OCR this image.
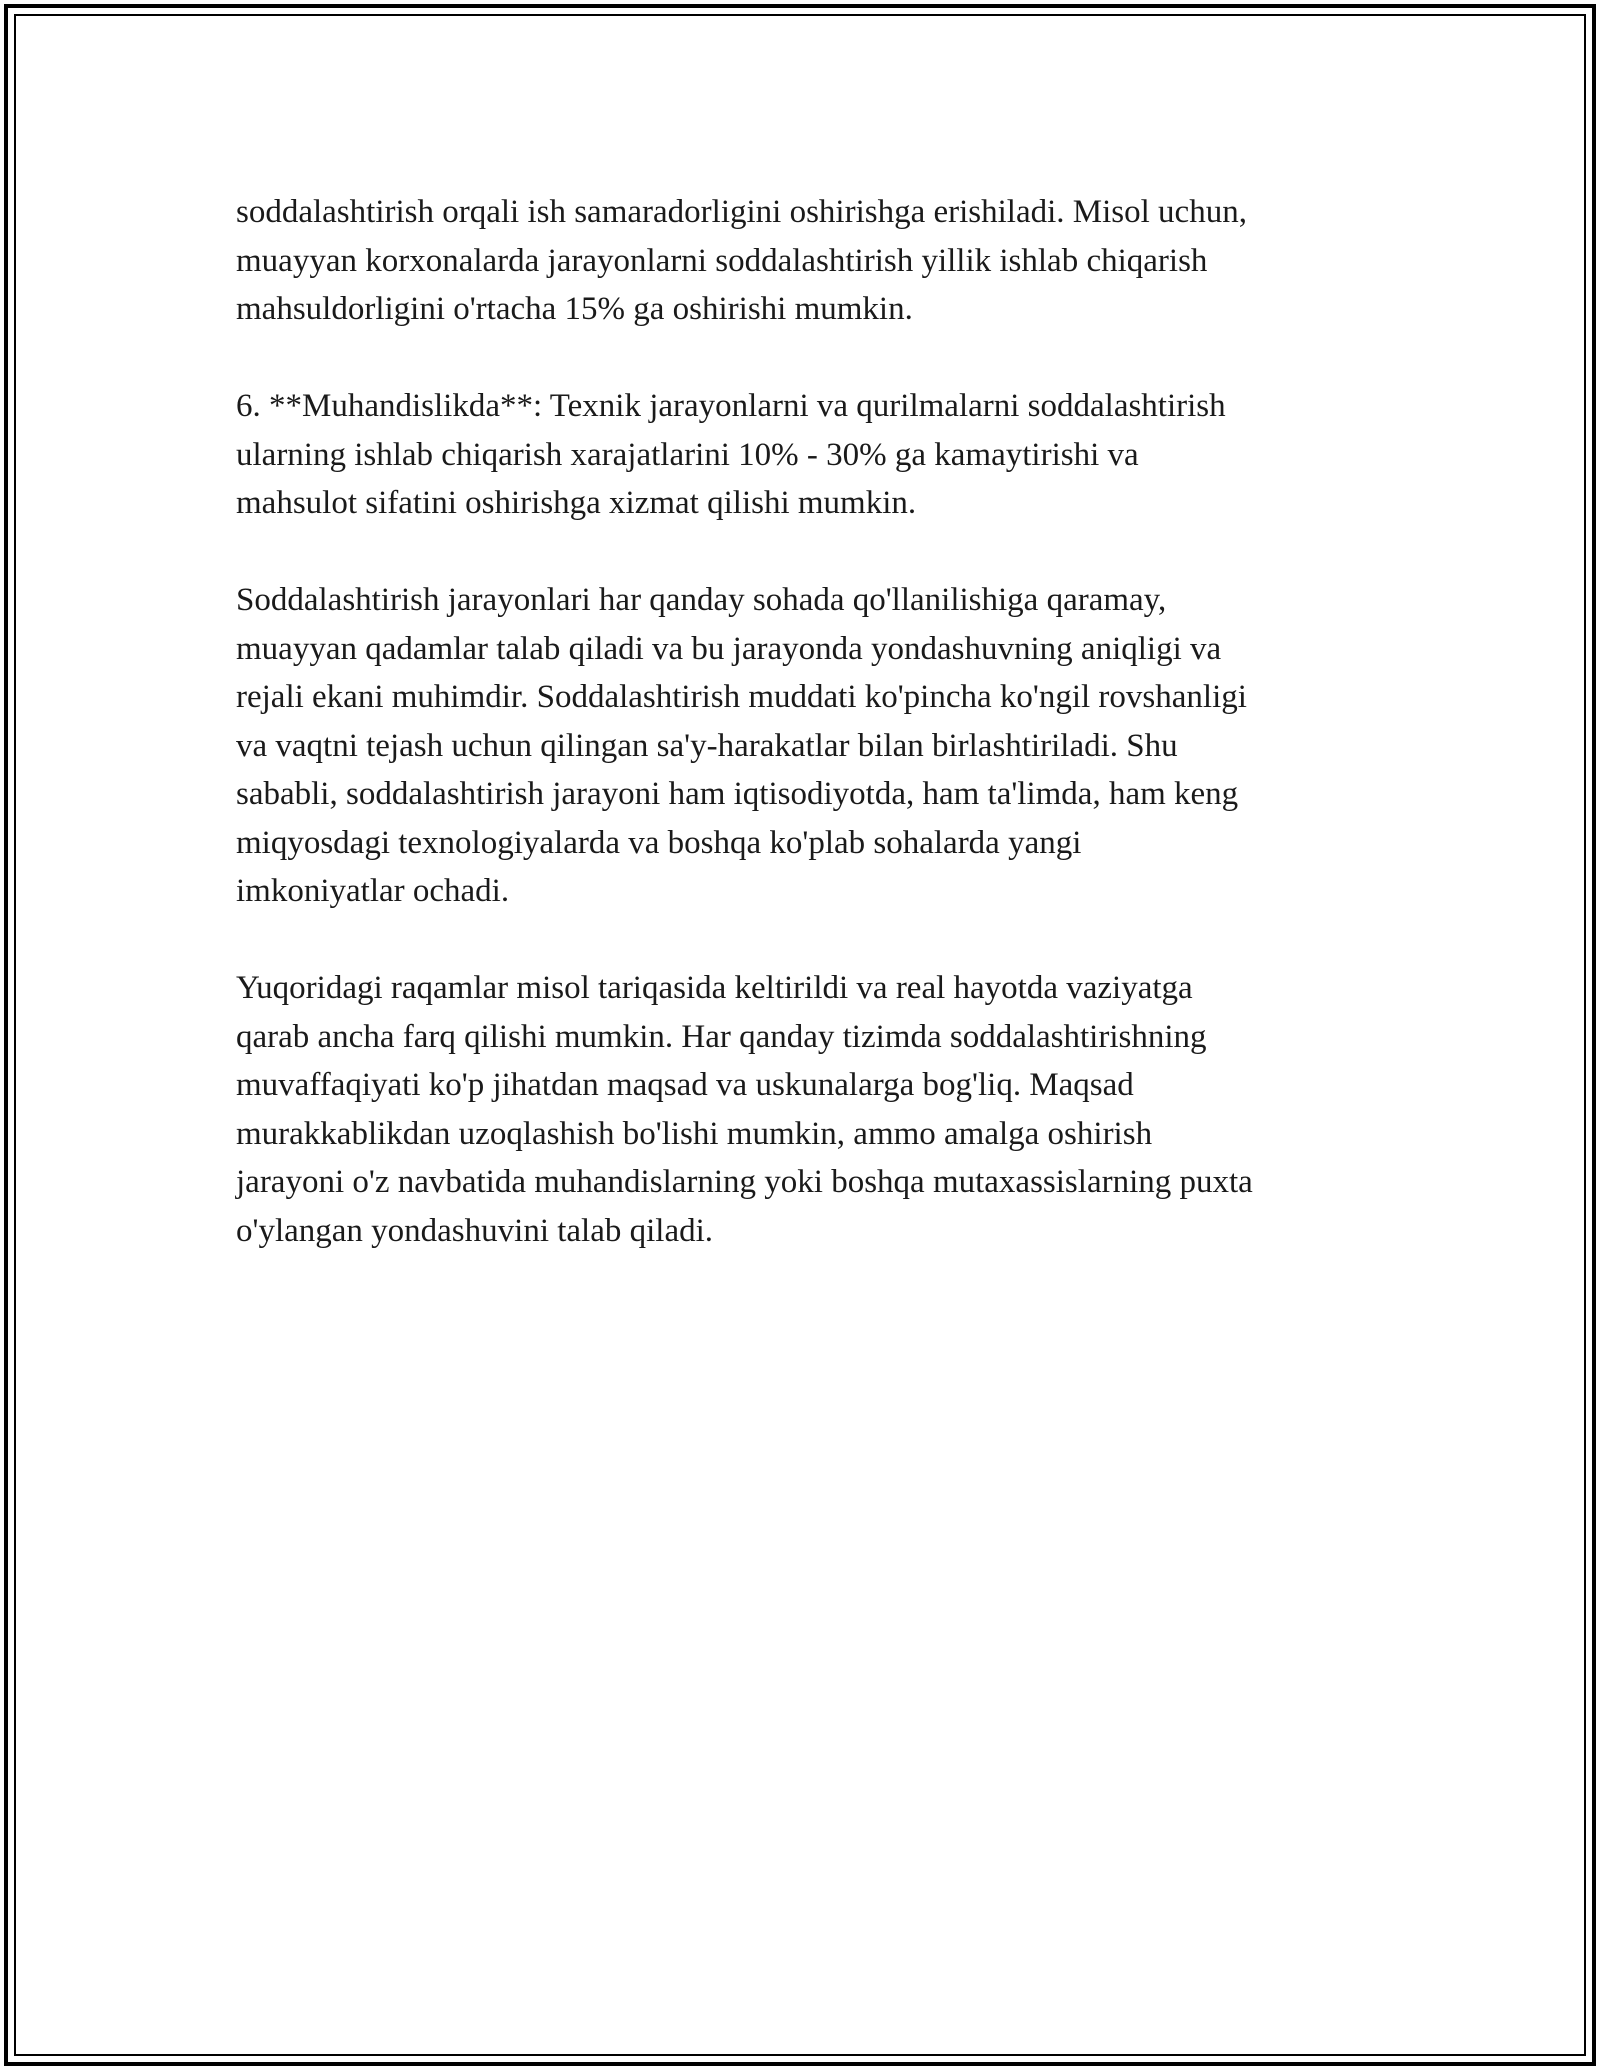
soddalashtirish orqali ish samaradorligini oshirishga erishiladi. Misol uchun,
muayyan korxonalarda jarayonlarni soddalashtirish yillik ishlab chiqarish
mahsuldorligini o'rtacha 15% ga oshirishi mumkin.

6. **Muhandislikda**: Texnik jarayonlarni va qurilmalarni soddalashtirish
ularning ishlab chiqarish xarajatlarini 10% - 30% ga kamaytirishi va
mahsulot sifatini oshirishga xizmat qilishi mumkin.

Soddalashtirish jarayonlari har qanday sohada qo'llanilishiga qaramay,
muayyan qadamlar talab qiladi va bu jarayonda yondashuvning aniqligi va
rejali ekani muhimdir. Soddalashtirish muddati ko'pincha ko'ngil rovshanligi
va vaqtni tejash uchun qilingan sa'y-harakatlar bilan birlashtiriladi. Shu
sababli, soddalashtirish jarayoni ham iqtisodiyotda, ham ta'limda, ham keng
miqyosdagi texnologiyalarda va boshqa ko'plab sohalarda yangi
imkoniyatlar ochadi.

Yuqoridagi raqamlar misol tariqasida keltirildi va real hayotda vaziyatga
qarab ancha farq qilishi mumkin. Har qanday tizimda soddalashtirishning
muvaffaqiyati ko'p jihatdan maqsad va uskunalarga bog'liq. Maqsad
murakkablikdan uzoqlashish bo'lishi mumkin, ammo amalga oshirish
jarayoni o'z navbatida muhandislarning yoki boshqa mutaxassislarning puxta
o'ylangan yondashuvini talab qiladi.
